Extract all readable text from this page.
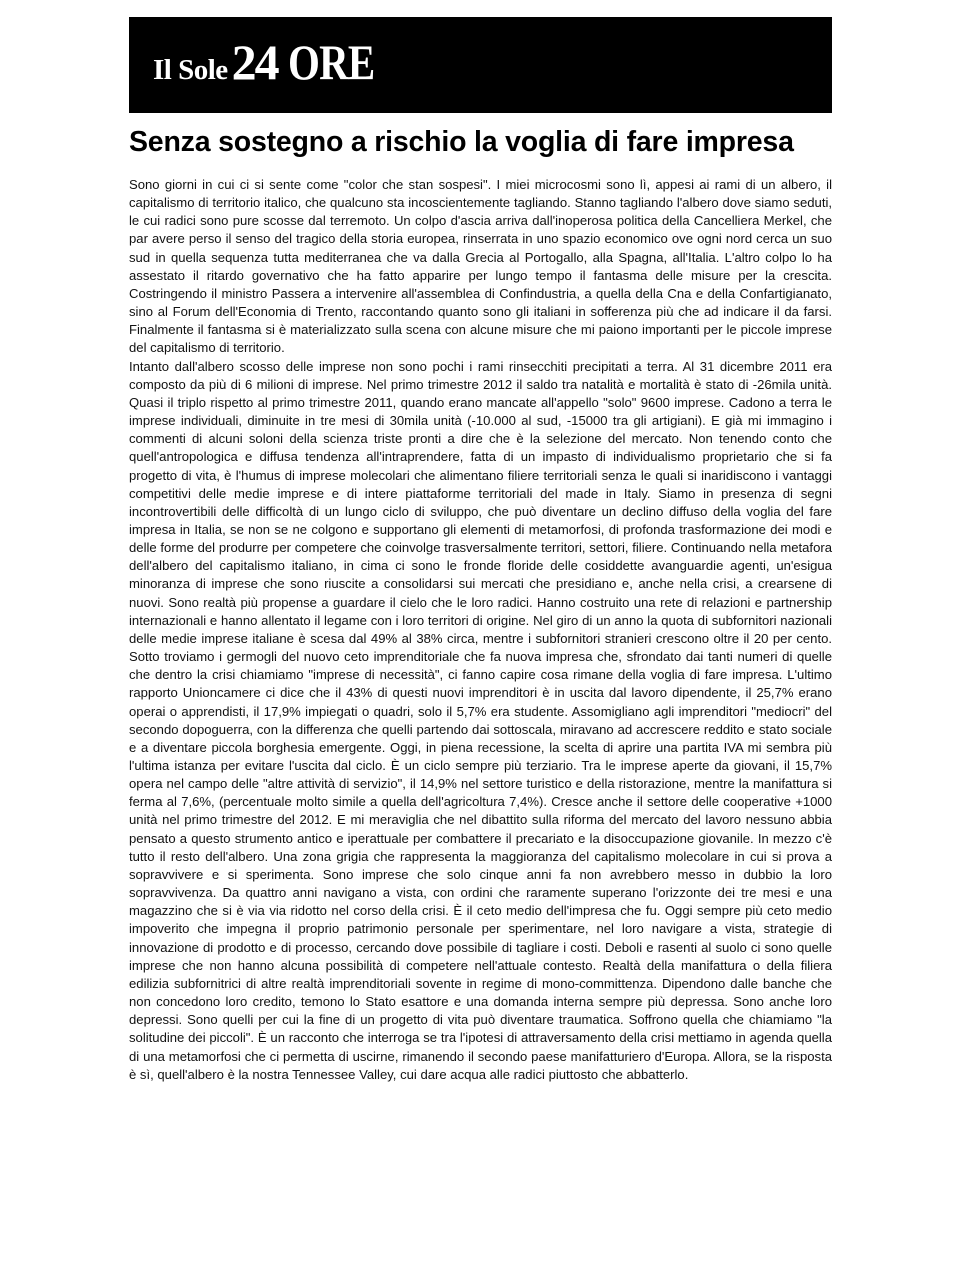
Il Sole 24 ORE
Senza sostegno a rischio la voglia di fare impresa

Sono giorni in cui ci si sente come "color che stan sospesi". I miei microcosmi sono lì, appesi ai rami di un albero, il capitalismo di territorio italico, che qualcuno sta incoscientemente tagliando. Stanno tagliando l'albero dove siamo seduti, le cui radici sono pure scosse dal terremoto. Un colpo d'ascia arriva dall'inoperosa politica della Cancelliera Merkel, che par avere perso il senso del tragico della storia europea, rinserrata in uno spazio economico ove ogni nord cerca un suo sud in quella sequenza tutta mediterranea che va dalla Grecia al Portogallo, alla Spagna, all'Italia. L'altro colpo lo ha assestato il ritardo governativo che ha fatto apparire per lungo tempo il fantasma delle misure per la crescita. Costringendo il ministro Passera a intervenire all'assemblea di Confindustria, a quella della Cna e della Confartigianato, sino al Forum dell'Economia di Trento, raccontando quanto sono gli italiani in sofferenza più che ad indicare il da farsi. Finalmente il fantasma si è materializzato sulla scena con alcune misure che mi paiono importanti per le piccole imprese del capitalismo di territorio.

Intanto dall'albero scosso delle imprese non sono pochi i rami rinsecchiti precipitati a terra. Al 31 dicembre 2011 era composto da più di 6 milioni di imprese. Nel primo trimestre 2012 il saldo tra natalità e mortalità è stato di -26mila unità. Quasi il triplo rispetto al primo trimestre 2011, quando erano mancate all'appello "solo" 9600 imprese. Cadono a terra le imprese individuali, diminuite in tre mesi di 30mila unità (-10.000 al sud, -15000 tra gli artigiani). E già mi immagino i commenti di alcuni soloni della scienza triste pronti a dire che è la selezione del mercato. Non tenendo conto che quell'antropologica e diffusa tendenza all'intraprendere, fatta di un impasto di individualismo proprietario che si fa progetto di vita, è l'humus di imprese molecolari che alimentano filiere territoriali senza le quali si inaridiscono i vantaggi competitivi delle medie imprese e di intere piattaforme territoriali del made in Italy. Siamo in presenza di segni incontrovertibili delle difficoltà di un lungo ciclo di sviluppo, che può diventare un declino diffuso della voglia del fare impresa in Italia, se non se ne colgono e supportano gli elementi di metamorfosi, di profonda trasformazione dei modi e delle forme del produrre per competere che coinvolge trasversalmente territori, settori, filiere. Continuando nella metafora dell'albero del capitalismo italiano, in cima ci sono le fronde floride delle cosiddette avanguardie agenti, un'esigua minoranza di imprese che sono riuscite a consolidarsi sui mercati che presidiano e, anche nella crisi, a crearsene di nuovi. Sono realtà più propense a guardare il cielo che le loro radici. Hanno costruito una rete di relazioni e partnership internazionali e hanno allentato il legame con i loro territori di origine. Nel giro di un anno la quota di subfornitori nazionali delle medie imprese italiane è scesa dal 49% al 38% circa, mentre i subfornitori stranieri crescono oltre il 20 per cento. Sotto troviamo i germogli del nuovo ceto imprenditoriale che fa nuova impresa che, sfrondato dai tanti numeri di quelle che dentro la crisi chiamiamo "imprese di necessità", ci fanno capire cosa rimane della voglia di fare impresa. L'ultimo rapporto Unioncamere ci dice che il 43% di questi nuovi imprenditori è in uscita dal lavoro dipendente, il 25,7% erano operai o apprendisti, il 17,9% impiegati o quadri, solo il 5,7% era studente. Assomigliano agli imprenditori "mediocri" del secondo dopoguerra, con la differenza che quelli partendo dai sottoscala, miravano ad accrescere reddito e stato sociale e a diventare piccola borghesia emergente. Oggi, in piena recessione, la scelta di aprire una partita IVA mi sembra più l'ultima istanza per evitare l'uscita dal ciclo. È un ciclo sempre più terziario. Tra le imprese aperte da giovani, il 15,7% opera nel campo delle "altre attività di servizio", il 14,9% nel settore turistico e della ristorazione, mentre la manifattura si ferma al 7,6%, (percentuale molto simile a quella dell'agricoltura 7,4%). Cresce anche il settore delle cooperative +1000 unità nel primo trimestre del 2012. E mi meraviglia che nel dibattito sulla riforma del mercato del lavoro nessuno abbia pensato a questo strumento antico e iperattuale per combattere il precariato e la disoccupazione giovanile. In mezzo c'è tutto il resto dell'albero. Una zona grigia che rappresenta la maggioranza del capitalismo molecolare in cui si prova a sopravvivere e si sperimenta. Sono imprese che solo cinque anni fa non avrebbero messo in dubbio la loro sopravvivenza. Da quattro anni navigano a vista, con ordini che raramente superano l'orizzonte dei tre mesi e una magazzino che si è via via ridotto nel corso della crisi. È il ceto medio dell'impresa che fu. Oggi sempre più ceto medio impoverito che impegna il proprio patrimonio personale per sperimentare, nel loro navigare a vista, strategie di innovazione di prodotto e di processo, cercando dove possibile di tagliare i costi. Deboli e rasenti al suolo ci sono quelle imprese che non hanno alcuna possibilità di competere nell'attuale contesto. Realtà della manifattura o della filiera edilizia subfornitrici di altre realtà imprenditoriali sovente in regime di mono-committenza. Dipendono dalle banche che non concedono loro credito, temono lo Stato esattore e una domanda interna sempre più depressa. Sono anche loro depressi. Sono quelli per cui la fine di un progetto di vita può diventare traumatica. Soffrono quella che chiamiamo "la solitudine dei piccoli". È un racconto che interroga se tra l'ipotesi di attraversamento della crisi mettiamo in agenda quella di una metamorfosi che ci permetta di uscirne, rimanendo il secondo paese manifatturiero d'Europa. Allora, se la risposta è sì, quell'albero è la nostra Tennessee Valley, cui dare acqua alle radici piuttosto che abbatterlo.
